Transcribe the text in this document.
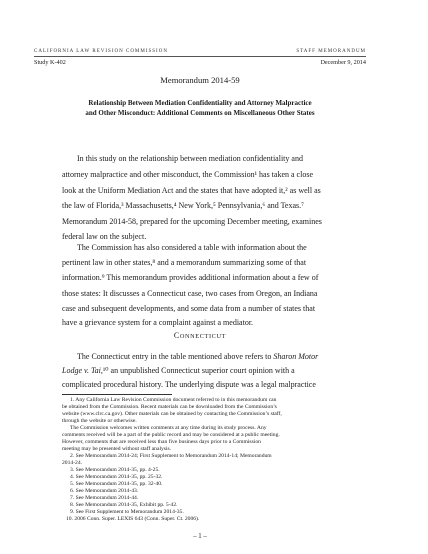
CALIFORNIA LAW REVISION COMMISSION	STAFF MEMORANDUM
Study K-402	December 9, 2014
Memorandum 2014-59
Relationship Between Mediation Confidentiality and Attorney Malpractice
and Other Misconduct: Additional Comments on Miscellaneous Other States
In this study on the relationship between mediation confidentiality and
attorney malpractice and other misconduct, the Commission¹ has taken a close
look at the Uniform Mediation Act and the states that have adopted it,² as well as
the law of Florida,³ Massachusetts,⁴ New York,⁵ Pennsylvania,⁶ and Texas.⁷
Memorandum 2014-58, prepared for the upcoming December meeting, examines
federal law on the subject.
The Commission has also considered a table with information about the
pertinent law in other states,⁸ and a memorandum summarizing some of that
information.⁹ This memorandum provides additional information about a few of
those states: It discusses a Connecticut case, two cases from Oregon, an Indiana
CONNECTICUT
The Connecticut entry in the table mentioned above refers to Sharon Motor
Lodge v. Tai,¹⁰ an unpublished Connecticut superior court opinion with a
complicated procedural history. The underlying dispute was a legal malpractice
1. Any California Law Revision Commission document referred to in this memorandum can
be obtained from the Commission. Recent materials can be downloaded from the Commission’s
website (www.clrc.ca.gov). Other materials can be obtained by contacting the Commission’s staff,
through the website or otherwise.
The Commission welcomes written comments at any time during its study process. Any
comments received will be a part of the public record and may be considered at a public meeting.
However, comments that are received less than five business days prior to a Commission
meeting may be presented without staff analysis.
2. See Memorandum 2014-24; First Supplement to Memorandum 2014-14; Memorandum
2014-24.
3. See Memorandum 2014-35, pp. 4-25.
4. See Memorandum 2014-35, pp. 25-32.
5. See Memorandum 2014-35, pp. 32-40.
6. See Memorandum 2014-43.
7. See Memorandum 2014-44.
8. See Memorandum 2014-35, Exhibit pp. 5-42.
9. See First Supplement to Memorandum 2014-35.
10. 2006 Conn. Super. LEXIS 643 (Conn. Super. Ct. 2006).
– 1 –
case and subsequent developments, and some data from a number of states that
have a grievance system for a complaint against a mediator.
